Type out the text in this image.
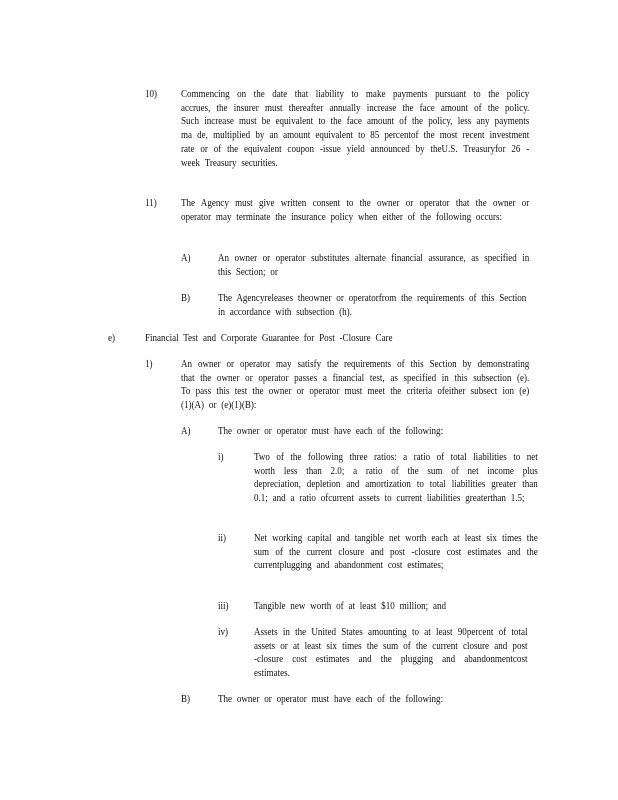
10) Commencing on the date that liability to make payments pursuant to the policy accrues, the insurer must thereafter annually increase the face amount of the policy. Such increase must be equivalent to the face amount of the policy, less any payments ma de, multiplied by an amount equivalent to 85 percentof the most recent investment rate or of the equivalent coupon -issue yield announced by theU.S. Treasuryfor 26 - week Treasury securities.
11) The Agency must give written consent to the owner or operator that the owner or operator may terminate the insurance policy when either of the following occurs:
A)	An owner or operator substitutes alternate financial assurance, as specified in this Section; or
B)	The Agencyreleases theowner or operatorfrom the requirements of this Section in accordance with subsection (h).
e)	Financial Test and Corporate Guarantee for Post -Closure Care
1)	An owner or operator may satisfy the requirements of this Section by demonstrating that the owner or operator passes a financial test, as specified in this subsection (e). To pass this test the owner or operator must meet the criteria ofeither subsect ion (e)(1)(A) or (e)(1)(B):
A)	The owner or operator must have each of the following:
i)	Two of the following three ratios: a ratio of total liabilities to net worth less than 2.0; a ratio of the sum of net income plus depreciation, depletion and amortization to total liabilities greater than 0.1; and a ratio ofcurrent assets to current liabilities greaterthan 1.5;
ii)	Net working capital and tangible net worth each at least six times the sum of the current closure and post -closure cost estimates and the currentplugging and abandonment cost estimates;
iii) Tangible new worth of at least $10 million; and
iv) Assets in the United States amounting to at least 90percent of total assets or at least six times the sum of the current closure and post -closure cost estimates and the plugging and abandonmentcost estimates.
B)	The owner or operator must have each of the following:
